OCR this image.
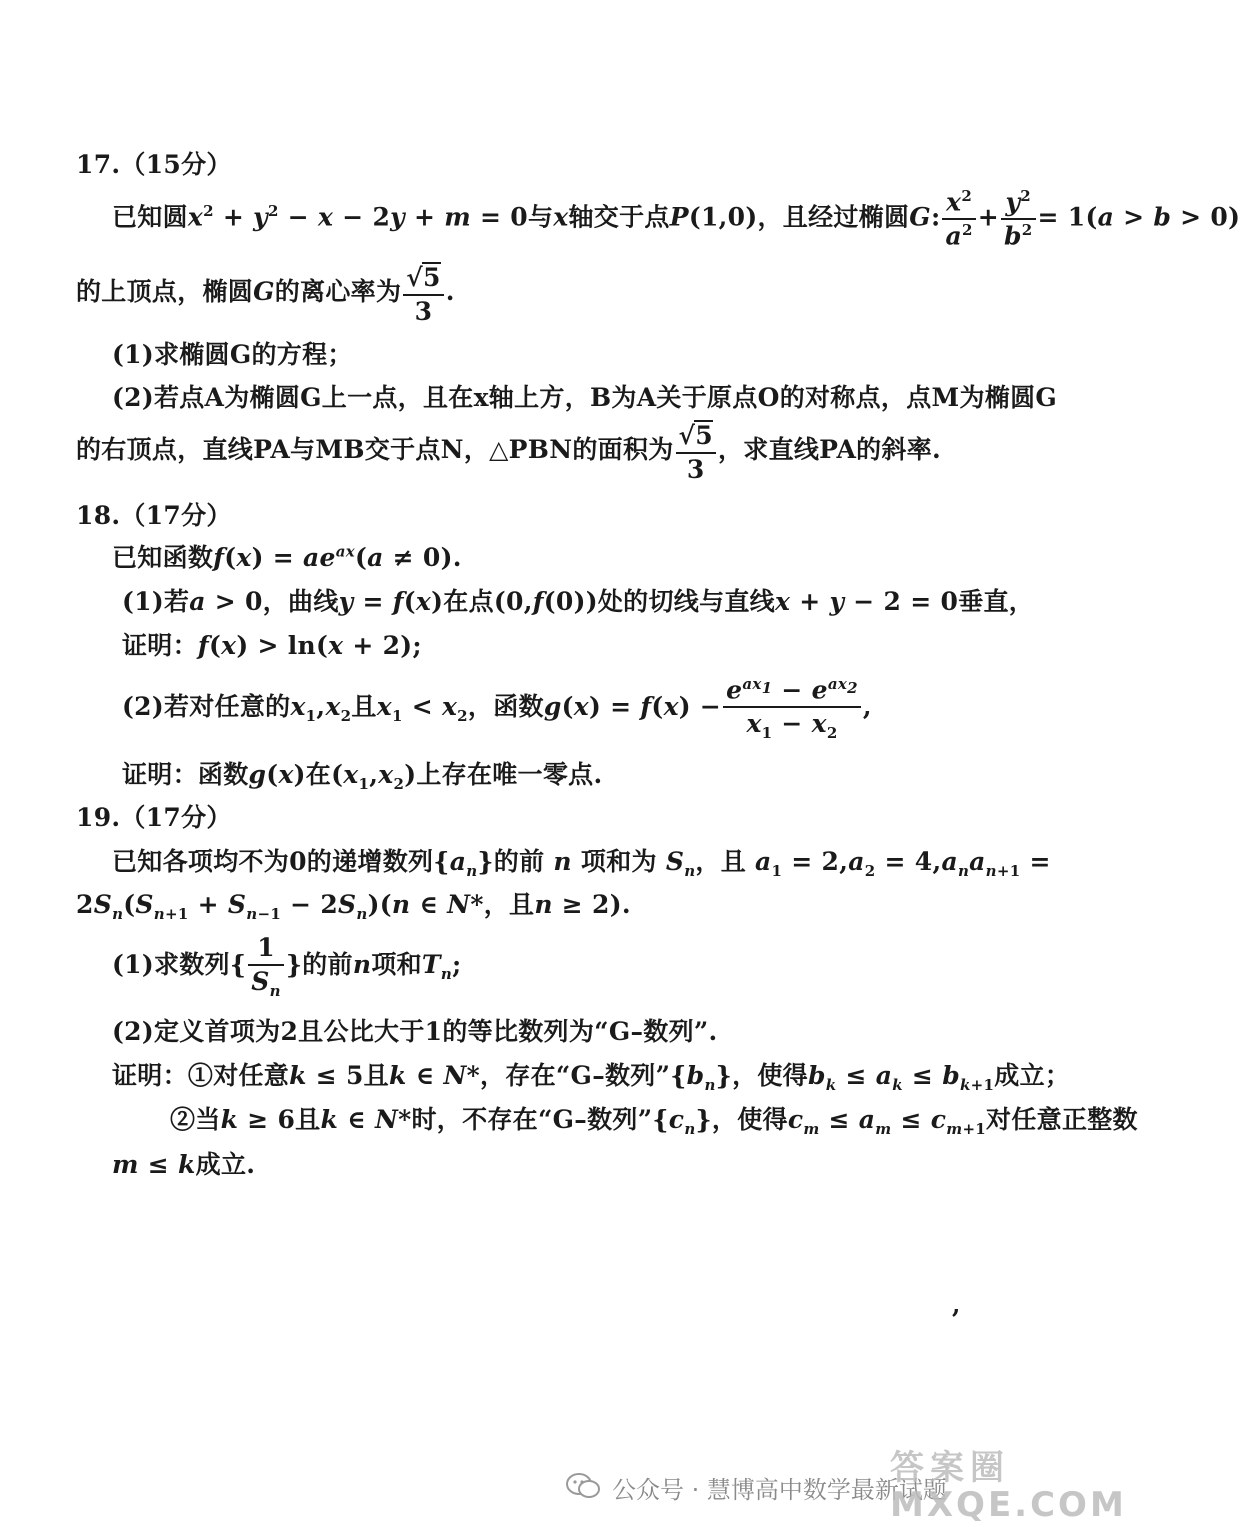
17.（15分）
已知圆$x^2 + y^2 - x - 2y + m = 0$与x轴交于点P(1,0)，且经过椭圆G: $\frac{x^2}{a^2} + \frac{y^2}{b^2} = 1(a > b > 0)$
的上顶点，椭圆G的离心率为 $\frac{√5}{3}$ .
(1)求椭圆G的方程；
(2)若点A为椭圆G上一点，且在x轴上方，B为A关于原点O的对称点，点M为椭圆G
的右顶点，直线PA与MB交于点N，△PBN的面积为 $\frac{√5}{3}$ ，求直线PA的斜率.
18.（17分）
已知函数$f(x) = ae^{ax}(a \ne 0)$.
(1)若a > 0，曲线y = f(x)在点(0,f(0))处的切线与直线x + y − 2 = 0垂直，
证明：f(x) > ln(x + 2);
(2)若对任意的$x_1,x_2$且$x_1 < x_2$，函数$g(x) = f(x) - \frac{e^{ax_1} - e^{ax_2}}{x_1 - x_2}$ ,
证明：函数g(x)在$(x_1,x_2)$上存在唯一零点.
19.（17分）
已知各项均不为0的递增数列$\{a_n\}$的前 n 项和为 $S_n$，且 $a_1 = 2,a_2 = 4,a_na_{n+1}$ =
$2S_n(S_{n+1} + S_{n-1} - 2S_n)(n$ ∈ N*，且n ≥ 2).
(1)求数列{ $\frac{1}{S_n}$ }的前n项和$T_n$;
(2)定义首项为2且公比大于1的等比数列为“G–数列”.
证明：①对任意k ≤ 5且k ∈ N*，存在“G–数列$”\{b_n\}$，使得$b_k \le a_k \le b_{k+1}$成立；
②当k ≥ 6且k ∈ N*时，不存在“G–数列$”\{c_n\}$，使得$c_m \le a_m \le c_{m+1}$对任意正整数
m ≤ k成立.
,
公众号 · 慧博高中数学最新试题
答案圈
MXQE.COM
